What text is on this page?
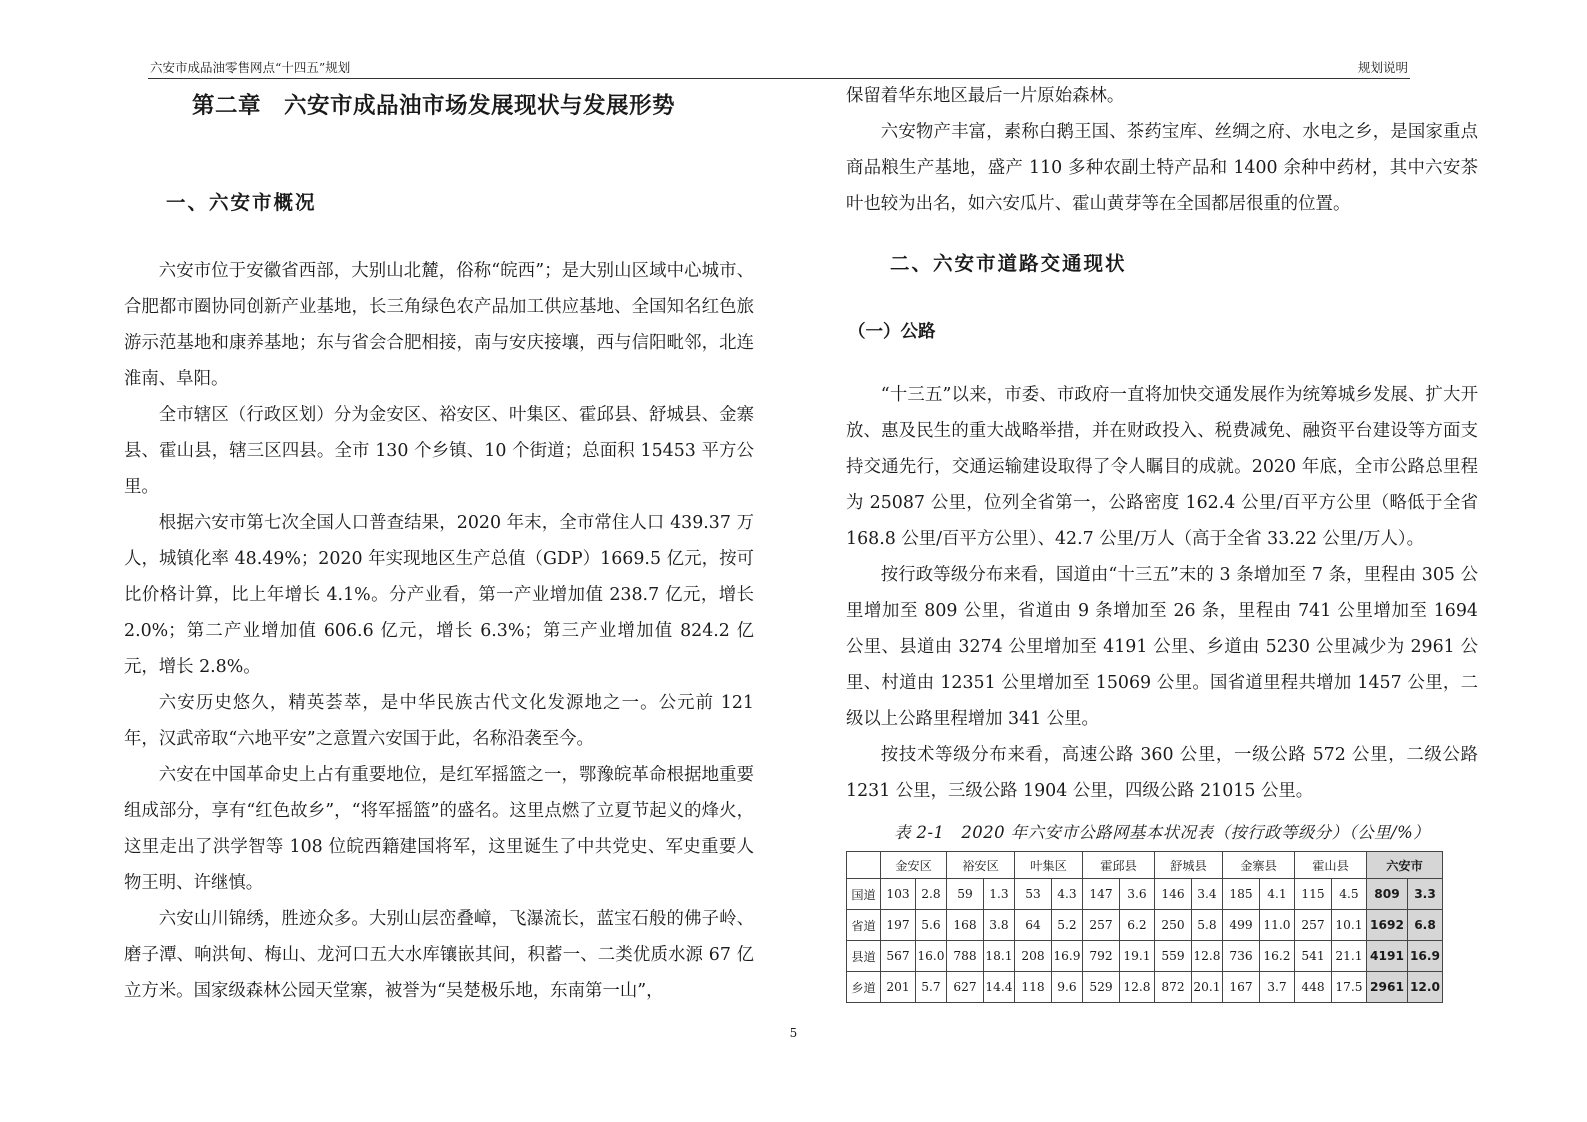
六安市成品油零售网点“十四五”规划	规划说明
第二章　六安市成品油市场发展现状与发展形势
一、六安市概况

六安市位于安徽省西部，大别山北麓，俗称“皖西”；是大别山区域中心城市、合肥都市圈协同创新产业基地，长三角绿色农产品加工供应基地、全国知名红色旅游示范基地和康养基地；东与省会合肥相接，南与安庆接壤，西与信阳毗邻，北连淮南、阜阳。

全市辖区（行政区划）分为金安区、裕安区、叶集区、霍邱县、舒城县、金寨县、霍山县，辖三区四县。全市 130 个乡镇、10 个街道；总面积 15453 平方公里。

根据六安市第七次全国人口普查结果，2020 年末，全市常住人口 439.37 万人，城镇化率 48.49%；2020 年实现地区生产总值（GDP）1669.5 亿元，按可比价格计算，比上年增长 4.1%。分产业看，第一产业增加值 238.7 亿元，增长 2.0%；第二产业增加值 606.6 亿元，增长 6.3%；第三产业增加值 824.2 亿元，增长 2.8%。

六安历史悠久，精英荟萃，是中华民族古代文化发源地之一。公元前 121 年，汉武帝取“六地平安”之意置六安国于此，名称沿袭至今。

六安在中国革命史上占有重要地位，是红军摇篮之一，鄂豫皖革命根据地重要组成部分，享有“红色故乡”，“将军摇篮”的盛名。这里点燃了立夏节起义的烽火，这里走出了洪学智等 108 位皖西籍建国将军，这里诞生了中共党史、军史重要人物王明、许继慎。

六安山川锦绣，胜迹众多。大别山层峦叠嶂，飞瀑流长，蓝宝石般的佛子岭、磨子潭、响洪甸、梅山、龙河口五大水库镶嵌其间，积蓄一、二类优质水源 67 亿立方米。国家级森林公园天堂寨，被誉为“吴楚极乐地，东南第一山”，

保留着华东地区最后一片原始森林。

六安物产丰富，素称白鹅王国、茶药宝库、丝绸之府、水电之乡，是国家重点商品粮生产基地，盛产 110 多种农副土特产品和 1400 余种中药材，其中六安茶叶也较为出名，如六安瓜片、霍山黄芽等在全国都居很重的位置。

二、六安市道路交通现状
（一）公路

“十三五”以来，市委、市政府一直将加快交通发展作为统筹城乡发展、扩大开放、惠及民生的重大战略举措，并在财政投入、税费减免、融资平台建设等方面支持交通先行，交通运输建设取得了令人瞩目的成就。2020 年底，全市公路总里程为 25087 公里，位列全省第一，公路密度 162.4 公里/百平方公里（略低于全省 168.8 公里/百平方公里）、42.7 公里/万人（高于全省 33.22 公里/万人）。

按行政等级分布来看，国道由“十三五”末的 3 条增加至 7 条，里程由 305 公里增加至 809 公里，省道由 9 条增加至 26 条，里程由 741 公里增加至 1694 公里、县道由 3274 公里增加至 4191 公里、乡道由 5230 公里减少为 2961 公里、村道由 12351 公里增加至 15069 公里。国省道里程共增加 1457 公里，二级以上公路里程增加 341 公里。

按技术等级分布来看，高速公路 360 公里，一级公路 572 公里，二级公路 1231 公里，三级公路 1904 公里，四级公路 21015 公里。

表 2-1　2020 年六安市公路网基本状况表（按行政等级分）（公里/%）
	金安区		裕安区		叶集区		霍邱县		舒城县		金寨县		霍山县		六安市	
国道	103	2.8	59	1.3	53	4.3	147	3.6	146	3.4	185	4.1	115	4.5	809	3.3
省道	197	5.6	168	3.8	64	5.2	257	6.2	250	5.8	499	11.0	257	10.1	1692	6.8
县道	567	16.0	788	18.1	208	16.9	792	19.1	559	12.8	736	16.2	541	21.1	4191	16.9
乡道	201	5.7	627	14.4	118	9.6	529	12.8	872	20.1	167	3.7	448	17.5	2961	12.0
5
